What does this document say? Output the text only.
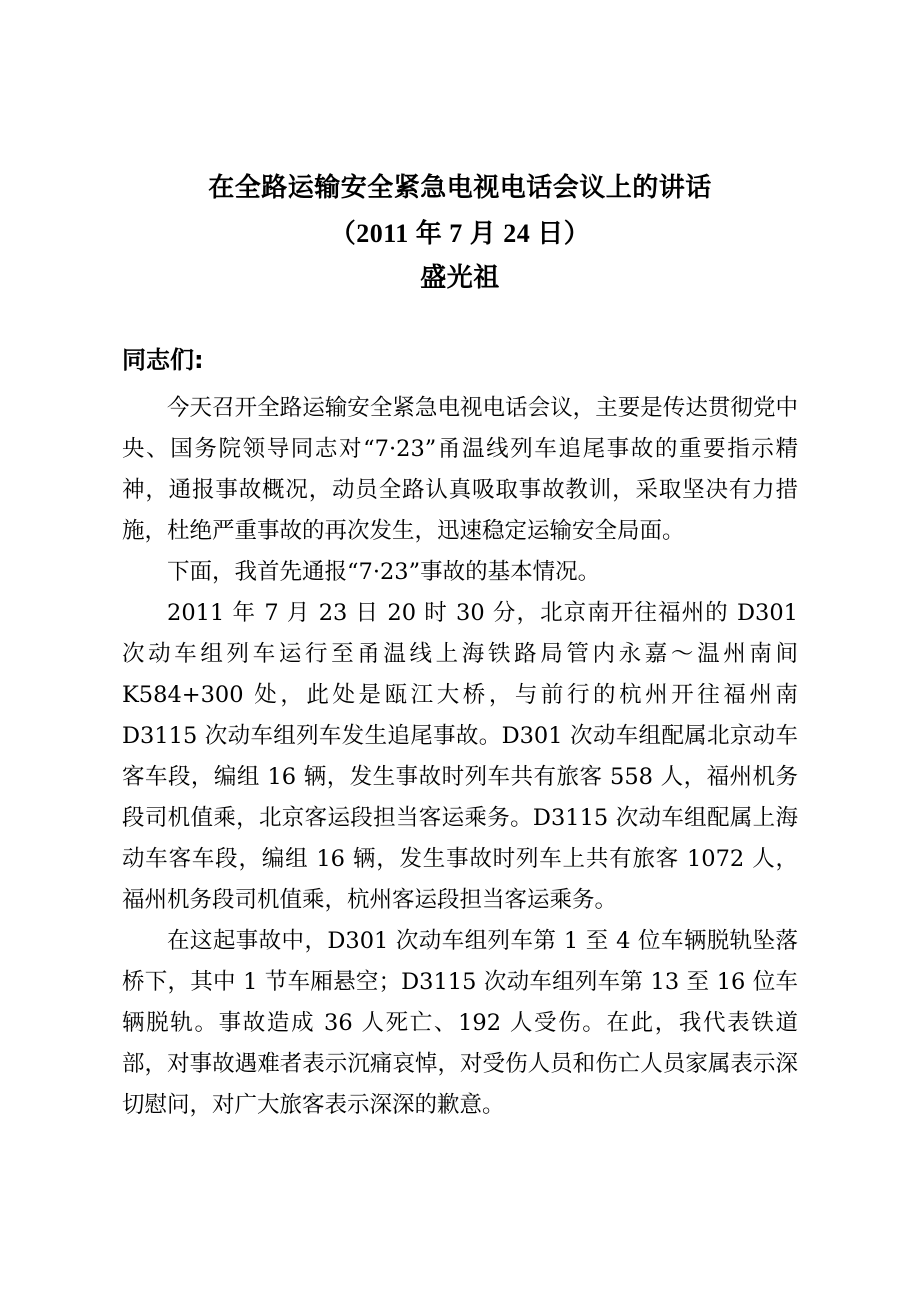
在全路运输安全紧急电视电话会议上的讲话
（2011 年 7 月 24 日）
盛光祖
同志们:

今天召开全路运输安全紧急电视电话会议，主要是传达贯彻党中央、国务院领导同志对“7·23”甬温线列车追尾事故的重要指示精神，通报事故概况，动员全路认真吸取事故教训，采取坚决有力措施，杜绝严重事故的再次发生，迅速稳定运输安全局面。

下面，我首先通报“7·23”事故的基本情况。

2011 年 7 月 23 日 20 时 30 分，北京南开往福州的 D301 次动车组列车运行至甬温线上海铁路局管内永嘉～温州南间 K584+300 处，此处是瓯江大桥，与前行的杭州开往福州南 D3115 次动车组列车发生追尾事故。D301 次动车组配属北京动车客车段，编组 16 辆，发生事故时列车共有旅客 558 人，福州机务段司机值乘，北京客运段担当客运乘务。D3115 次动车组配属上海动车客车段，编组 16 辆，发生事故时列车上共有旅客 1072 人，福州机务段司机值乘，杭州客运段担当客运乘务。

在这起事故中，D301 次动车组列车第 1 至 4 位车辆脱轨坠落桥下，其中 1 节车厢悬空；D3115 次动车组列车第 13 至 16 位车辆脱轨。事故造成 36 人死亡、192 人受伤。在此，我代表铁道部，对事故遇难者表示沉痛哀悼，对受伤人员和伤亡人员家属表示深切慰问，对广大旅客表示深深的歉意。
